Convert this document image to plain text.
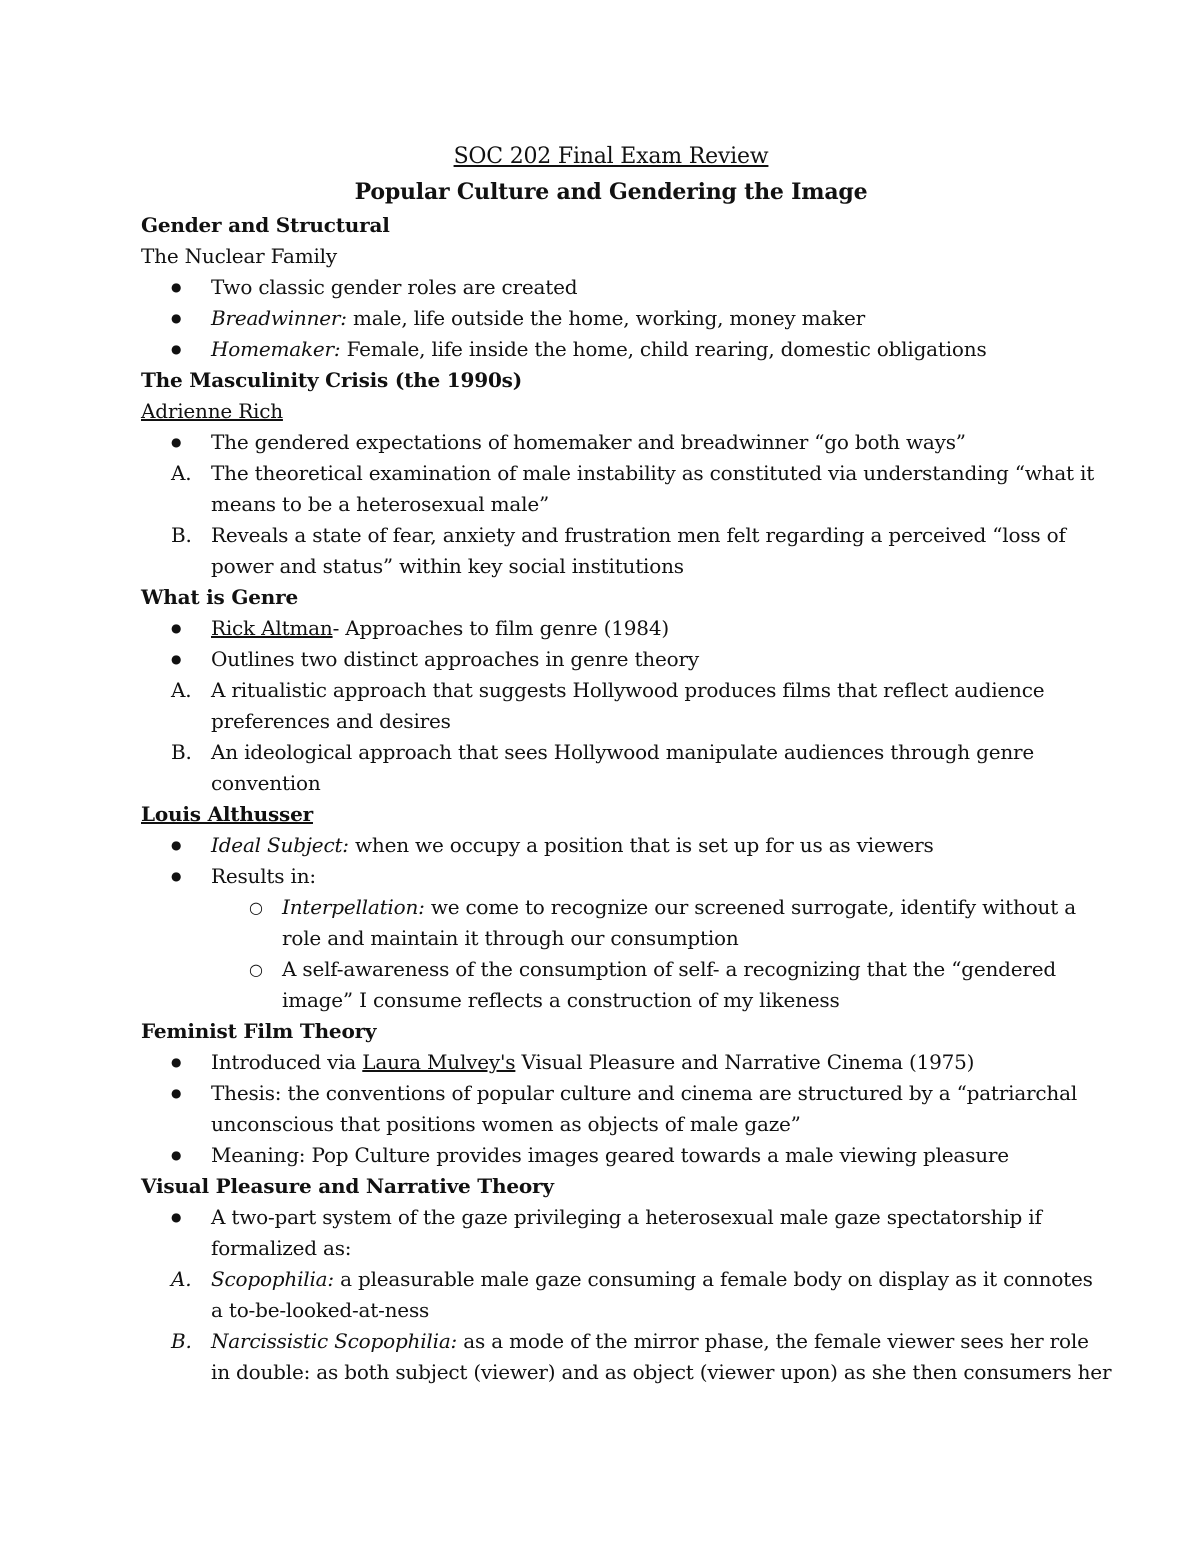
SOC 202 Final Exam Review
Popular Culture and Gendering the Image
Gender and Structural
The Nuclear Family
●	Two classic gender roles are created
●	Breadwinner: male, life outside the home, working, money maker
●	Homemaker: Female, life inside the home, child rearing, domestic obligations
The Masculinity Crisis (the 1990s)
Adrienne Rich
●	The gendered expectations of homemaker and breadwinner “go both ways”
A. The theoretical examination of male instability as constituted via understanding “what it
means to be a heterosexual male”
B. Reveals a state of fear, anxiety and frustration men felt regarding a perceived “loss of
power and status” within key social institutions
What is Genre
●	Rick Altman- Approaches to film genre (1984)
●	Outlines two distinct approaches in genre theory
A. A ritualistic approach that suggests Hollywood produces films that reflect audience
preferences and desires
B. An ideological approach that sees Hollywood manipulate audiences through genre
convention
Louis Althusser
●	Ideal Subject: when we occupy a position that is set up for us as viewers
●	Results in:
○ Interpellation: we come to recognize our screened surrogate, identify without a
role and maintain it through our consumption
○ A self-awareness of the consumption of self- a recognizing that the “gendered
image” I consume reflects a construction of my likeness
Feminist Film Theory
●	Introduced via Laura Mulvey's Visual Pleasure and Narrative Cinema (1975)
●	Thesis: the conventions of popular culture and cinema are structured by a “patriarchal
unconscious that positions women as objects of male gaze”
●	Meaning: Pop Culture provides images geared towards a male viewing pleasure
Visual Pleasure and Narrative Theory
●	A two-part system of the gaze privileging a heterosexual male gaze spectatorship if
formalized as:
A. Scopophilia: a pleasurable male gaze consuming a female body on display as it connotes
a to-be-looked-at-ness
B. Narcissistic Scopophilia: as a mode of the mirror phase, the female viewer sees her role
in double: as both subject (viewer) and as object (viewer upon) as she then consumers her
